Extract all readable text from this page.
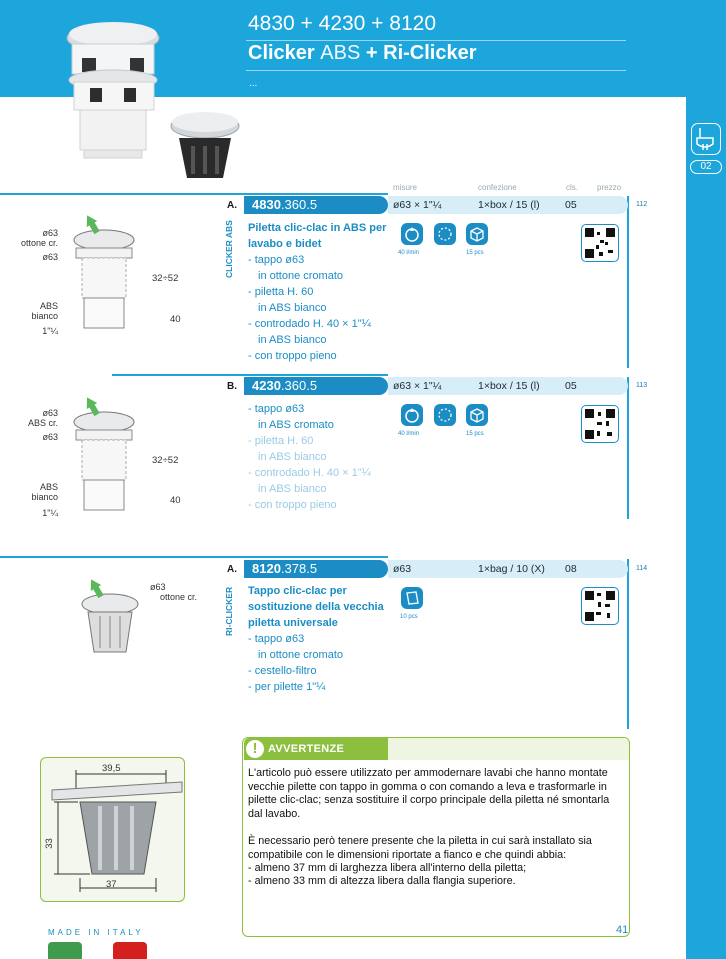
4830 + 4230 + 8120
Clicker ABS + Ri-Clicker
...
02
misure	confezione	cls. prezzo
A.	4830.360.5	ø63 × 1"¼	1×box / 15 (l) 05	112
CLICKER ABS Piletta clic-clac in ABS per
lavabo e bidet
- tappo ø63
in ottone cromato
- piletta H. 60
in ABS bianco
- controdado H. 40 × 1"¼
in ABS bianco
- con troppo pieno
40 l/min	15 pcs
ø63
ottone cr.
ø63
ABS
bianco
1"¼
32÷52
40
B.	4230.360.5	ø63 × 1"¼	1×box / 15 (l) 05	113
- tappo ø63
in ABS cromato
- piletta H. 60
in ABS bianco
- controdado H. 40 × 1"¼
in ABS bianco
- con troppo pieno
40 l/min	15 pcs
ø63
ABS cr.
ø63
ABS
bianco
1"¼
32÷52
40
A.	8120.378.5	ø63	1×bag / 10 (X) 08	114
RI-CLICKER Tappo clic-clac per
sostituzione della vecchia
piletta universale
- tappo ø63
in ottone cromato
- cestello-filtro
- per pilette 1"¼
10 pcs
ø63
ottone cr.
! AVVERTENZE
L'articolo può essere utilizzato per ammodernare lavabi che hanno montate vecchie pilette con tappo in gomma o con comando a leva e trasformarle in pilette clic-clac; senza sostituire il corpo principale della piletta né smontarla dal lavabo.
È necessario però tenere presente che la piletta in cui sarà installato sia compatibile con le dimensioni riportate a fianco e che quindi abbia:
- almeno 37 mm di larghezza libera all'interno della piletta;
- almeno 33 mm di altezza libera dalla flangia superiore.
39,5
33
37
MADE IN ITALY	41
